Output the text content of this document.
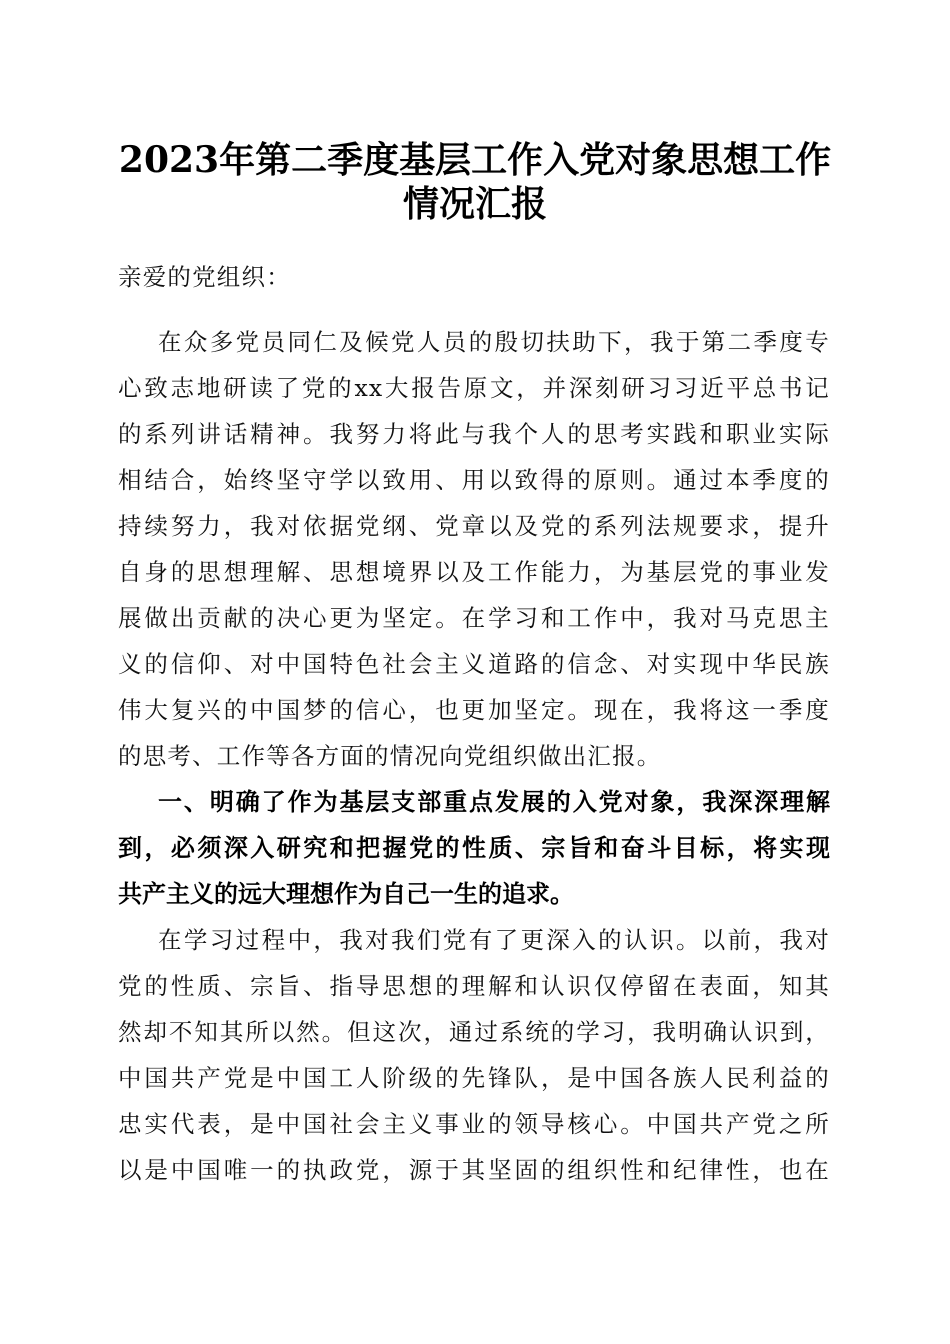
2023年第二季度基层工作入党对象思想工作
情况汇报

亲爱的党组织：

在众多党员同仁及候党人员的殷切扶助下，我于第二季度专

心致志地研读了党的xx大报告原文，并深刻研习习近平总书记

的系列讲话精神。我努力将此与我个人的思考实践和职业实际

相结合，始终坚守学以致用、用以致得的原则。通过本季度的

持续努力，我对依据党纲、党章以及党的系列法规要求，提升

自身的思想理解、思想境界以及工作能力，为基层党的事业发

展做出贡献的决心更为坚定。在学习和工作中，我对马克思主

义的信仰、对中国特色社会主义道路的信念、对实现中华民族

伟大复兴的中国梦的信心，也更加坚定。现在，我将这一季度

的思考、工作等各方面的情况向党组织做出汇报。

一、明确了作为基层支部重点发展的入党对象，我深深理解

到，必须深入研究和把握党的性质、宗旨和奋斗目标，将实现

共产主义的远大理想作为自己一生的追求。

在学习过程中，我对我们党有了更深入的认识。以前，我对

党的性质、宗旨、指导思想的理解和认识仅停留在表面，知其

然却不知其所以然。但这次，通过系统的学习，我明确认识到，

中国共产党是中国工人阶级的先锋队，是中国各族人民利益的

忠实代表，是中国社会主义事业的领导核心。中国共产党之所

以是中国唯一的执政党，源于其坚固的组织性和纪律性，也在
